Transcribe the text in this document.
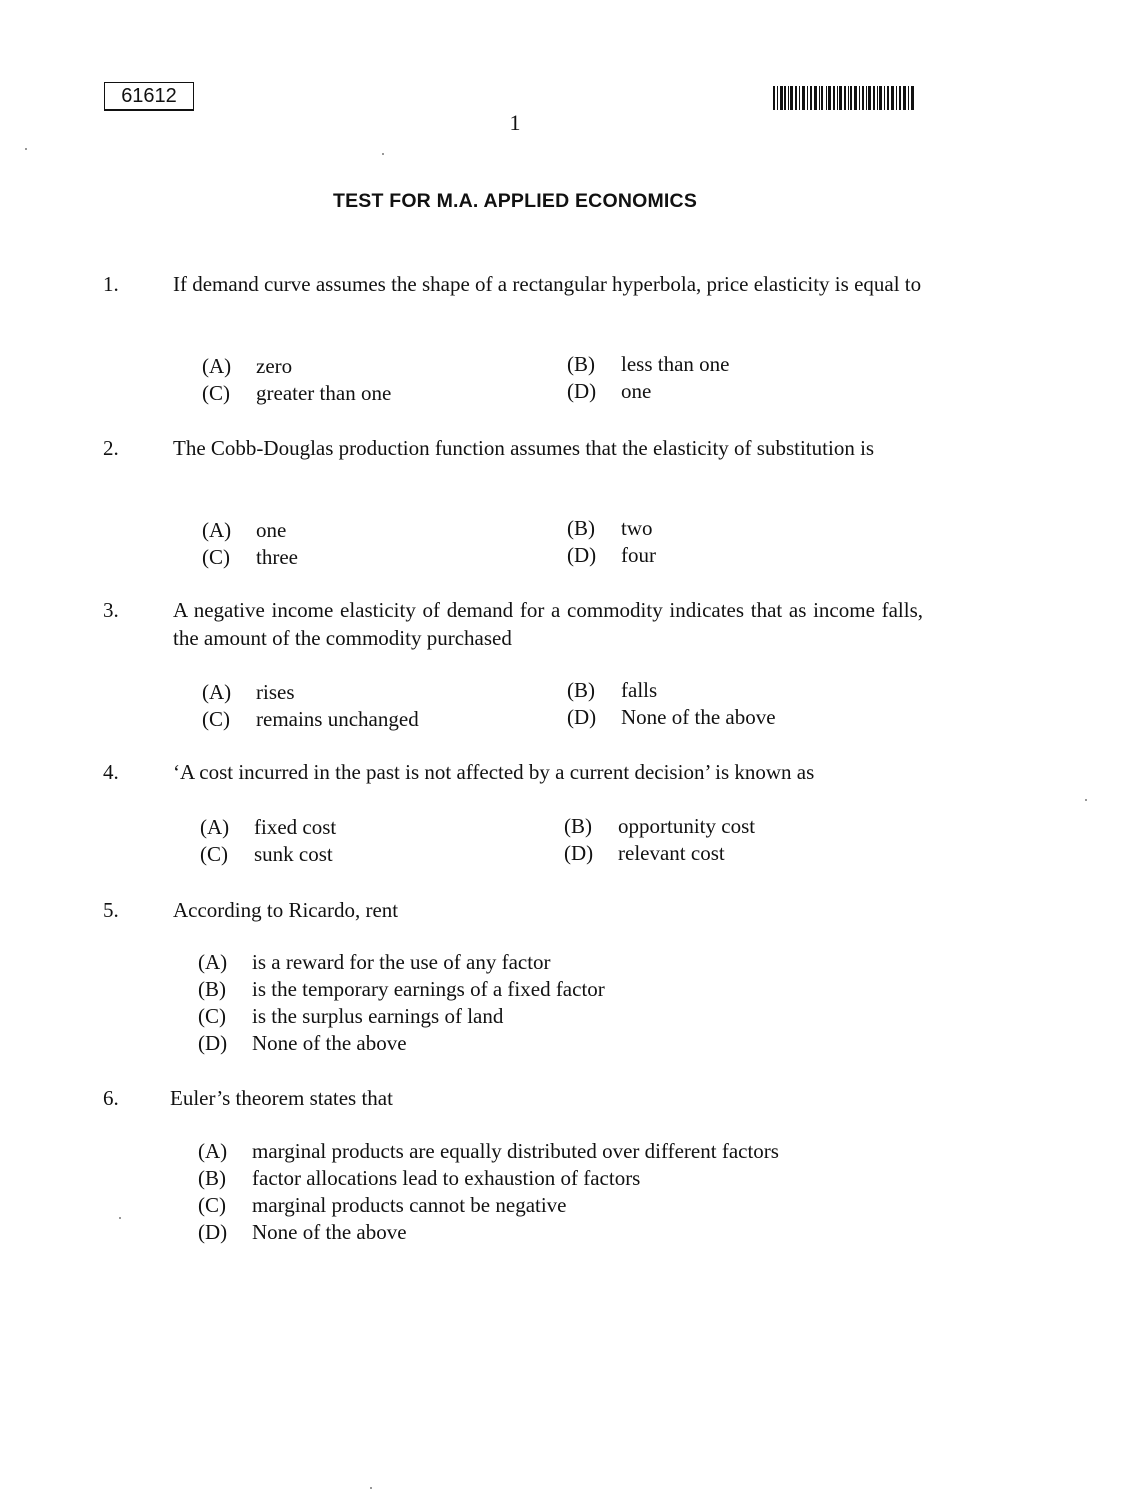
61612
1
TEST FOR M.A. APPLIED ECONOMICS
1.	If demand curve assumes the shape of a rectangular hyperbola, price elasticity is equal to
(A) zero	(B) less than one
(C) greater than one	(D) one
2.	The Cobb-Douglas production function assumes that the elasticity of substitution is
(A) one	(B) two
(C) three	(D) four
3.	A negative income elasticity of demand for a commodity indicates that as income falls, the amount of the commodity purchased
(A) rises	(B) falls
(C) remains unchanged	(D) None of the above
4.	‘A cost incurred in the past is not affected by a current decision’ is known as
(A) fixed cost	(B) opportunity cost
(C) sunk cost	(D) relevant cost
5.	According to Ricardo, rent
(A) is a reward for the use of any factor
(B) is the temporary earnings of a fixed factor
(C) is the surplus earnings of land
(D) None of the above
6. Euler’s theorem states that
(A) marginal products are equally distributed over different factors
(B) factor allocations lead to exhaustion of factors
(C) marginal products cannot be negative
(D) None of the above
